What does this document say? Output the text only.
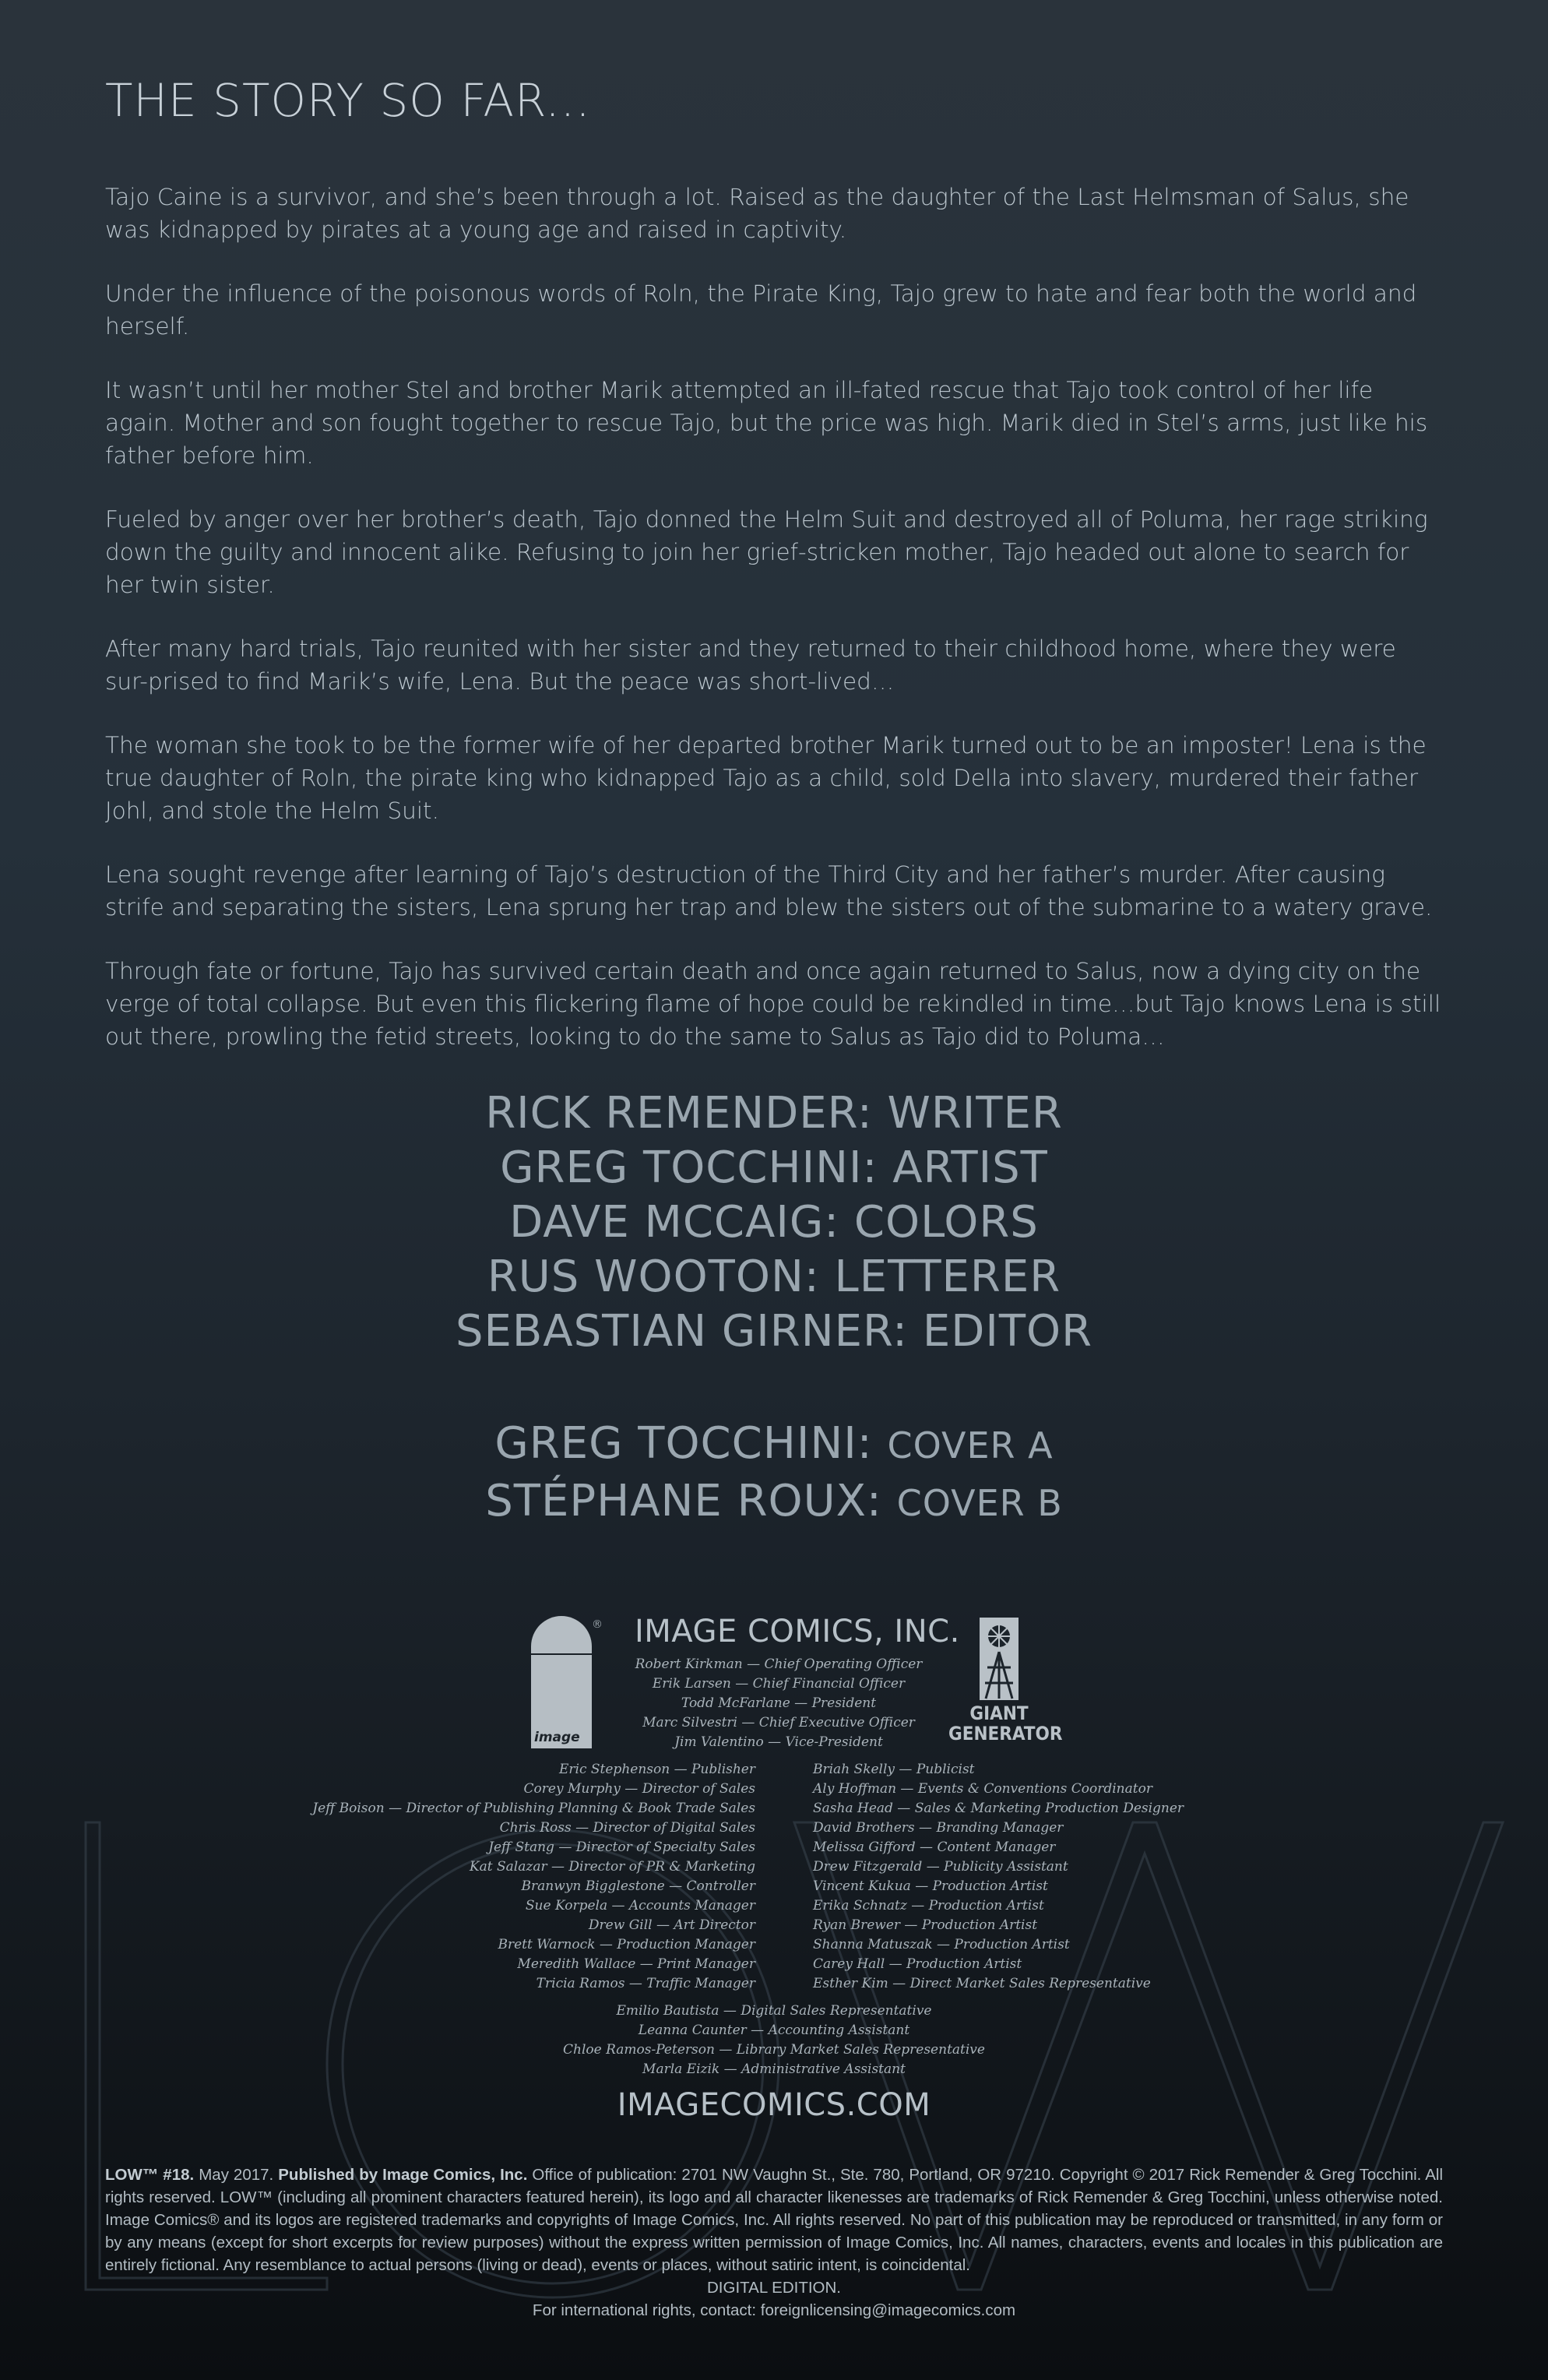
THE STORY SO FAR...

Tajo Caine is a survivor, and she’s been through a lot. Raised as the daughter of the Last Helmsman of Salus, she was kidnapped by pirates at a young age and raised in captivity.

Under the influence of the poisonous words of Roln, the Pirate King, Tajo grew to hate and fear both the world and herself.

It wasn’t until her mother Stel and brother Marik attempted an ill-fated rescue that Tajo took control of her life again. Mother and son fought together to rescue Tajo, but the price was high. Marik died in Stel’s arms, just like his father before him.

Fueled by anger over her brother’s death, Tajo donned the Helm Suit and destroyed all of Poluma, her rage striking down the guilty and innocent alike. Refusing to join her grief-stricken mother, Tajo headed out alone to search for her twin sister.

After many hard trials, Tajo reunited with her sister and they returned to their childhood home, where they were sur-prised to find Marik’s wife, Lena. But the peace was short-lived…

The woman she took to be the former wife of her departed brother Marik turned out to be an imposter! Lena is the true daughter of Roln, the pirate king who kidnapped Tajo as a child, sold Della into slavery, murdered their father Johl, and stole the Helm Suit.

Lena sought revenge after learning of Tajo’s destruction of the Third City and her father’s murder. After causing strife and separating the sisters, Lena sprung her trap and blew the sisters out of the submarine to a watery grave.

Through fate or fortune, Tajo has survived certain death and once again returned to Salus, now a dying city on the verge of total collapse. But even this flickering flame of hope could be rekindled in time…but Tajo knows Lena is still out there, prowling the fetid streets, looking to do the same to Salus as Tajo did to Poluma…

RICK REMENDER: WRITER
GREG TOCCHINI: ARTIST
DAVE MCCAIG: COLORS
RUS WOOTON: LETTERER
SEBASTIAN GIRNER: EDITOR
GREG TOCCHINI: COVER A
STÉPHANE ROUX: COVER B
image
® IMAGE COMICS, INC.
Robert Kirkman — Chief Operating Officer
Erik Larsen — Chief Financial Officer
Todd McFarlane — President
Marc Silvestri — Chief Executive Officer
Jim Valentino — Vice-President
GIANT
GENERATOR
Eric Stephenson — Publisher
Corey Murphy — Director of Sales
Jeff Boison — Director of Publishing Planning & Book Trade Sales
Chris Ross — Director of Digital Sales
Jeff Stang — Director of Specialty Sales
Kat Salazar — Director of PR & Marketing
Branwyn Bigglestone — Controller
Sue Korpela — Accounts Manager
Drew Gill — Art Director
Brett Warnock — Production Manager
Meredith Wallace — Print Manager
Tricia Ramos — Traffic Manager
Briah Skelly — Publicist
Aly Hoffman — Events & Conventions Coordinator
Sasha Head — Sales & Marketing Production Designer
David Brothers — Branding Manager
Melissa Gifford — Content Manager
Drew Fitzgerald — Publicity Assistant
Vincent Kukua — Production Artist
Erika Schnatz — Production Artist
Ryan Brewer — Production Artist
Shanna Matuszak — Production Artist
Carey Hall — Production Artist
Esther Kim — Direct Market Sales Representative
Emilio Bautista — Digital Sales Representative
Leanna Caunter — Accounting Assistant
Chloe Ramos-Peterson — Library Market Sales Representative
Marla Eizik — Administrative Assistant
IMAGECOMICS.COM
LOW™ #18. May 2017. Published by Image Comics, Inc. Office of publication: 2701 NW Vaughn St., Ste. 780, Portland, OR 97210. Copyright © 2017 Rick Remender & Greg Tocchini. All rights reserved. LOW™ (including all prominent characters featured herein), its logo and all character likenesses are trademarks of Rick Remender & Greg Tocchini, unless otherwise noted. Image Comics® and its logos are registered trademarks and copyrights of Image Comics, Inc. All rights reserved. No part of this publication may be reproduced or transmitted, in any form or by any means (except for short excerpts for review purposes) without the express written permission of Image Comics, Inc. All names, characters, events and locales in this publication are entirely fictional. Any resemblance to actual persons (living or dead), events or places, without satiric intent, is coincidental.
DIGITAL EDITION.
For international rights, contact: foreignlicensing@imagecomics.com
